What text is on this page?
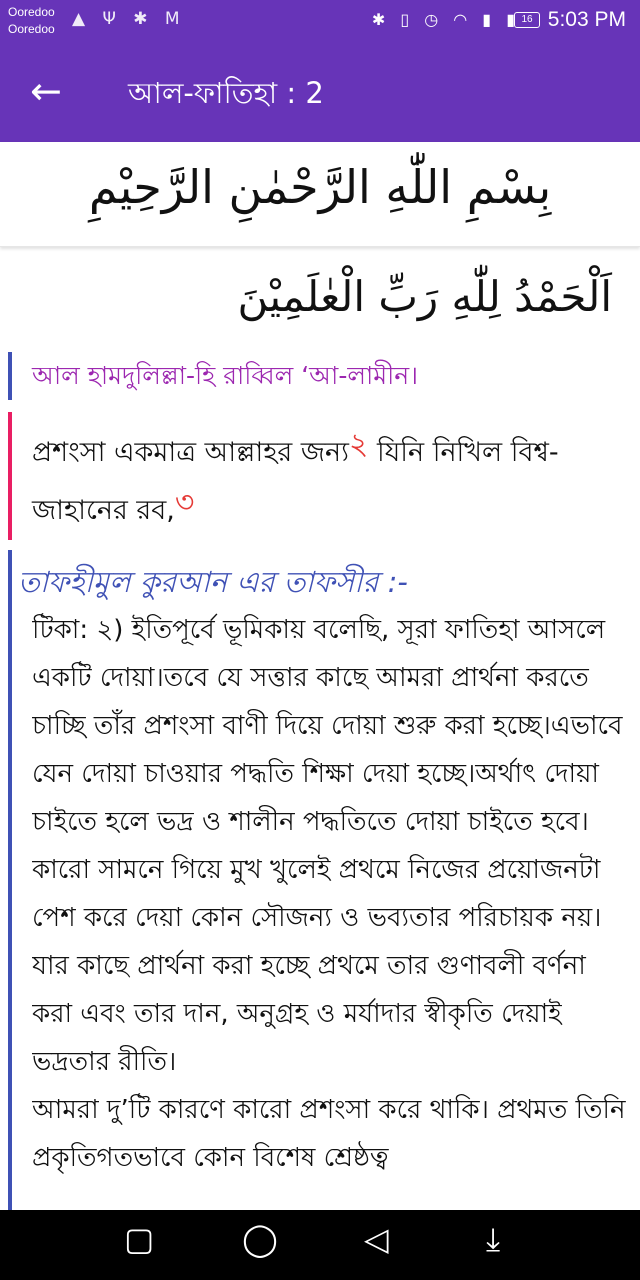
Ooredoo
Ooredoo ▲ Ψ ✱ M	✱ ▯ ◷ ◠ ▮ ▮ 16 5:03 PM
← আল-ফাতিহা : 2
بِسْمِ اللّٰهِ الرَّحْمٰنِ الرَّحِيْمِ
اَلْحَمْدُ لِلّٰهِ رَبِّ الْعٰلَمِيْنَ
আল হামদুলিল্লা-হি রাব্বিল ‘আ-লামীন।
প্রশংসা একমাত্র আল্লাহর জন্য২ যিনি নিখিল বিশ্ব-জাহানের রব,৩
তাফহীমুল কুরআন এর তাফসীর :-
টিকা: ২) ইতিপূর্বে ভূমিকায় বলেছি, সূরা ফাতিহা আসলে একটি দোয়া।তবে যে সত্তার কাছে আমরা প্রার্থনা করতে চাচ্ছি তাঁর প্রশংসা বাণী দিয়ে দোয়া শুরু করা হচ্ছে।এভাবে যেন দোয়া চাওয়ার পদ্ধতি শিক্ষা দেয়া হচ্ছে।অর্থাৎ দোয়া চাইতে হলে ভদ্র ও শালীন পদ্ধতিতে দোয়া চাইতে হবে।কারো সামনে গিয়ে মুখ খুলেই প্রথমে নিজের প্রয়োজনটা পেশ করে দেয়া কোন সৌজন্য ও ভব্যতার পরিচায়ক নয়।যার কাছে প্রার্থনা করা হচ্ছে প্রথমে তার গুণাবলী বর্ণনা করা এবং তার দান, অনুগ্রহ ও মর্যাদার স্বীকৃতি দেয়াই ভদ্রতার রীতি।
আমরা দু’টি কারণে কারো প্রশংসা করে থাকি। প্রথমত তিনি প্রকৃতিগতভাবে কোন বিশেষ শ্রেষ্ঠত্ব
▢	◯	◁	⤓
